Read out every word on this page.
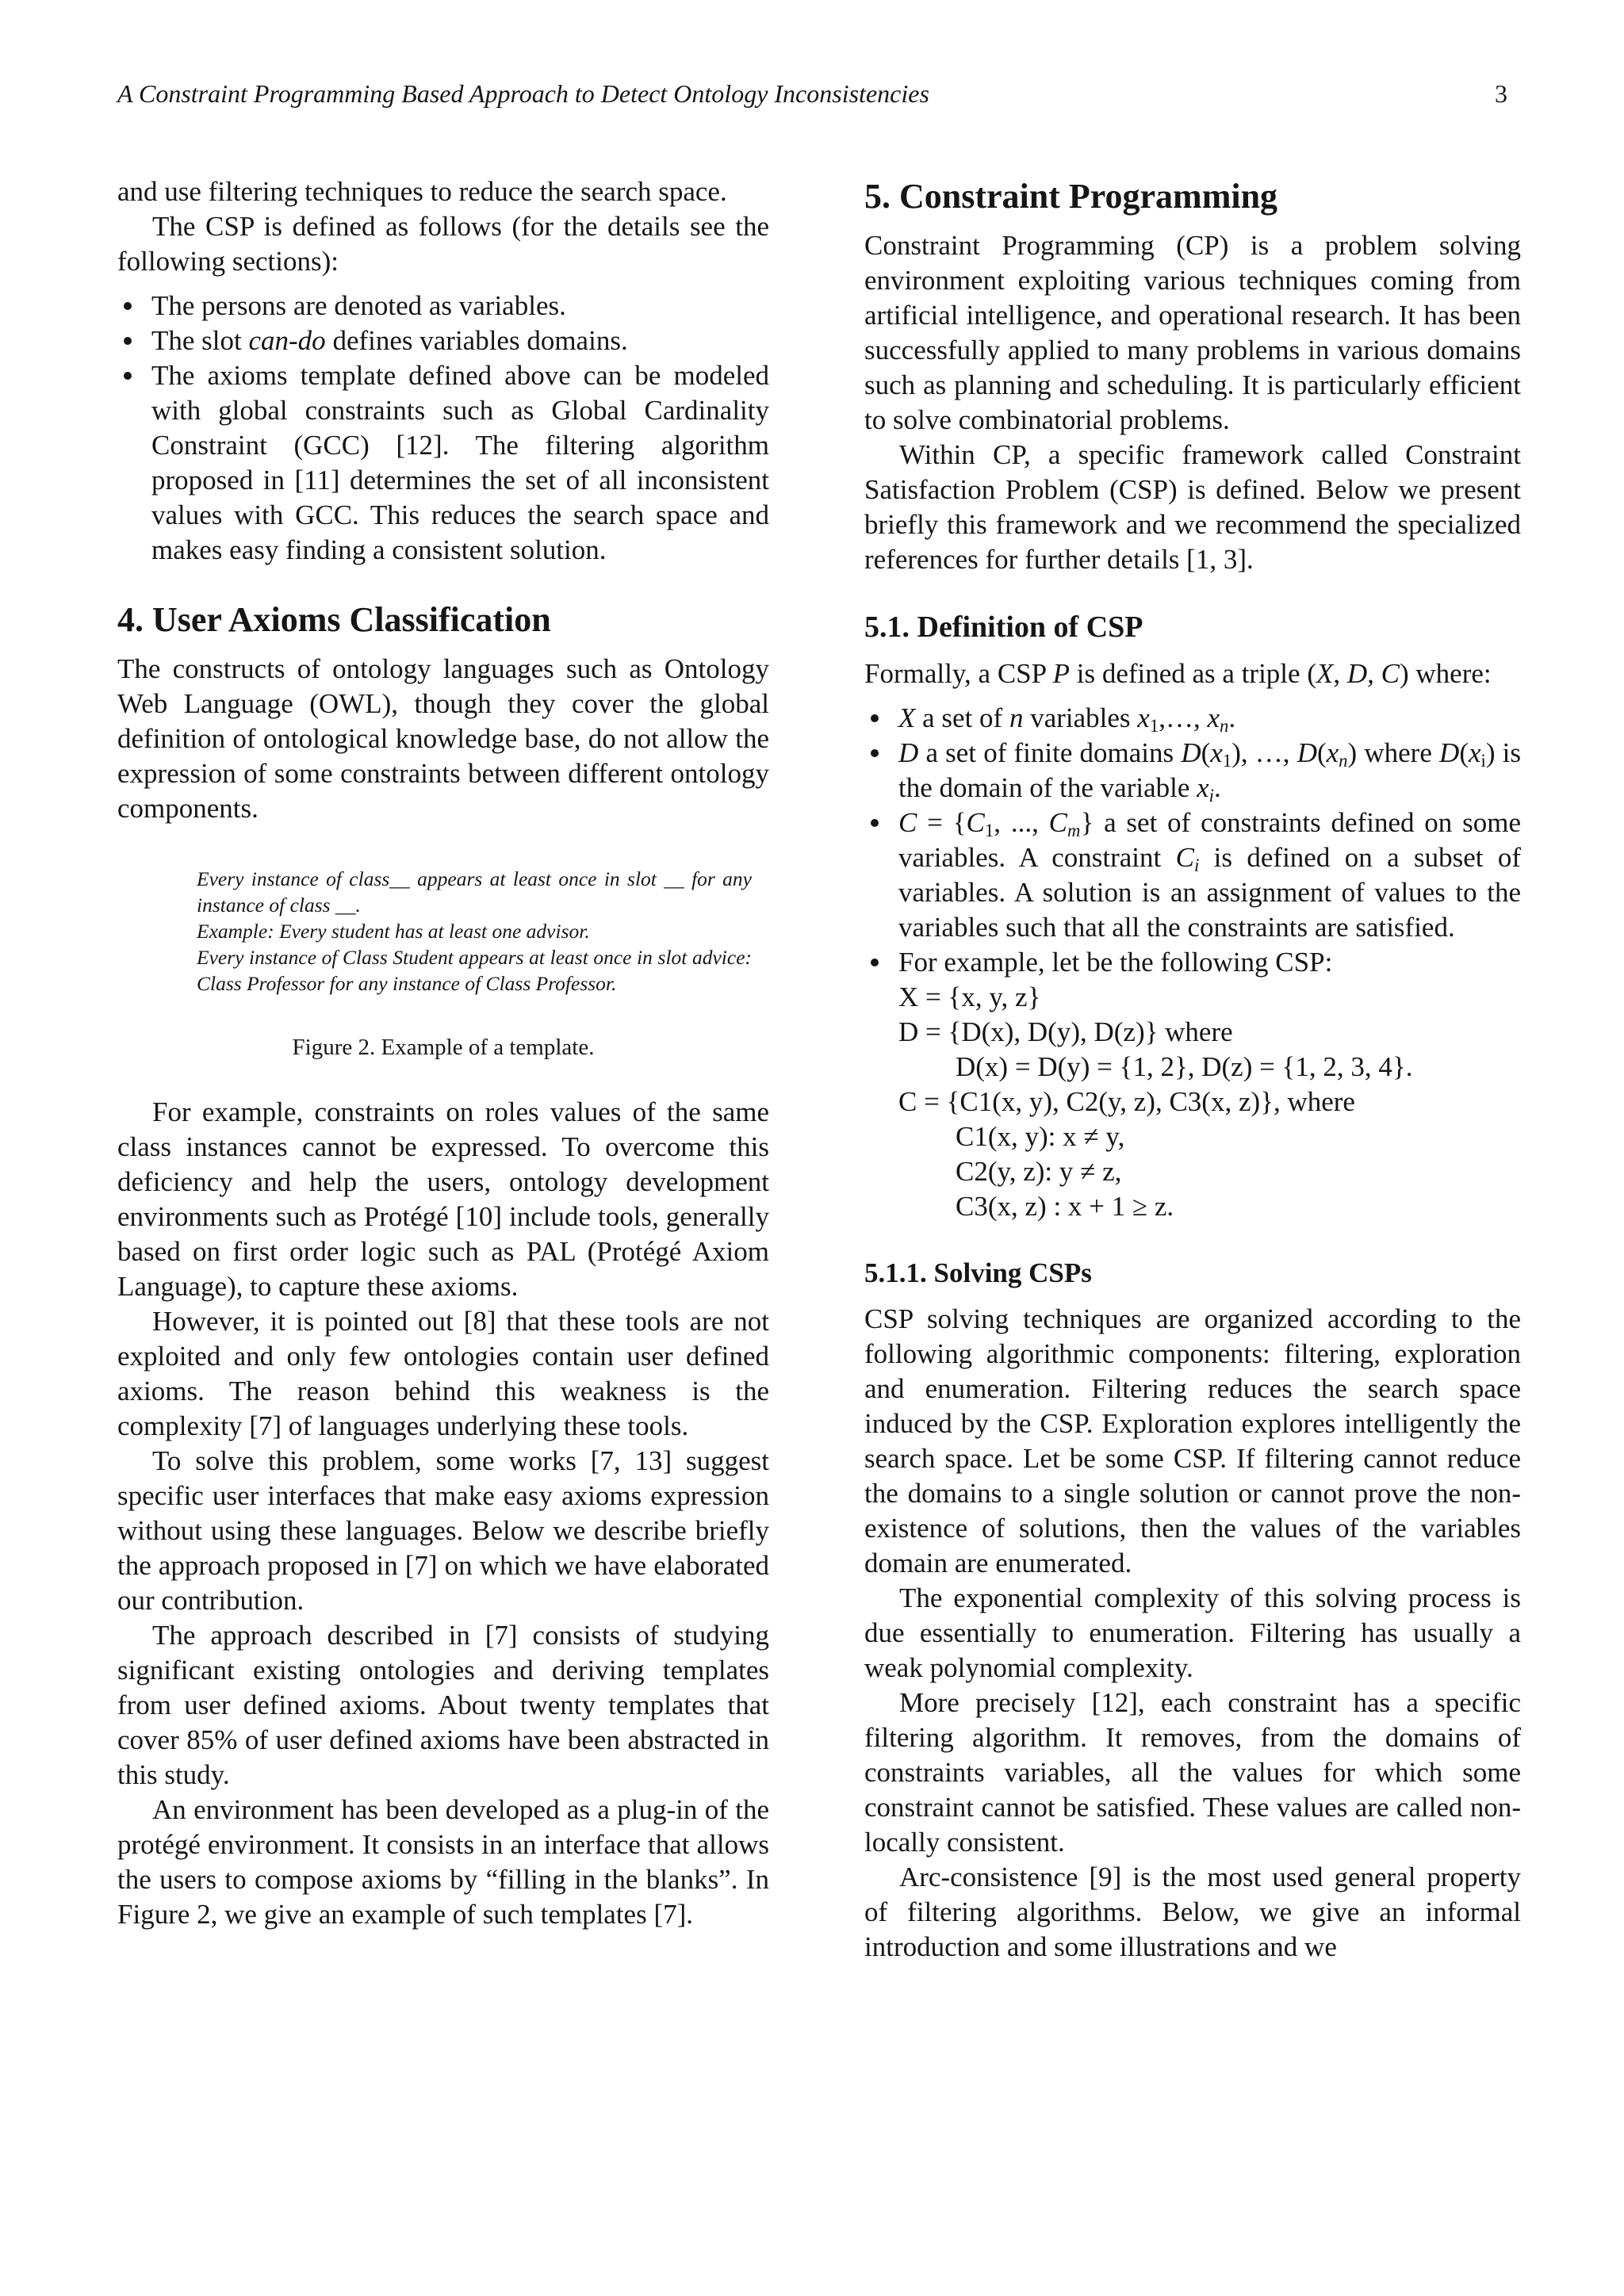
A Constraint Programming Based Approach to Detect Ontology Inconsistencies	3

and use filtering techniques to reduce the search space.

The CSP is defined as follows (for the details see the following sections):

The persons are denoted as variables.
The slot can-do defines variables domains.
The axioms template defined above can be modeled with global constraints such as Global Cardinality Constraint (GCC) [12]. The filtering algorithm proposed in [11] determines the set of all inconsistent values with GCC. This reduces the search space and makes easy finding a consistent solution.
4. User Axioms Classification

The constructs of ontology languages such as Ontology Web Language (OWL), though they cover the global definition of ontological knowledge base, do not allow the expression of some constraints between different ontology components.

Every instance of class__ appears at least once in slot __ for any instance of class __.
Example: Every student has at least one advisor.
Every instance of Class Student appears at least once in slot advice: Class Professor for any instance of Class Professor.
Figure 2. Example of a template.

For example, constraints on roles values of the same class instances cannot be expressed. To overcome this deficiency and help the users, ontology development environments such as Protégé [10] include tools, generally based on first order logic such as PAL (Protégé Axiom Language), to capture these axioms.

However, it is pointed out [8] that these tools are not exploited and only few ontologies contain user defined axioms. The reason behind this weakness is the complexity [7] of languages underlying these tools.

To solve this problem, some works [7, 13] suggest specific user interfaces that make easy axioms expression without using these languages. Below we describe briefly the approach proposed in [7] on which we have elaborated our contribution.

The approach described in [7] consists of studying significant existing ontologies and deriving templates from user defined axioms. About twenty templates that cover 85% of user defined axioms have been abstracted in this study.

An environment has been developed as a plug-in of the protégé environment. It consists in an interface that allows the users to compose axioms by “filling in the blanks”. In Figure 2, we give an example of such templates [7].

5. Constraint Programming

Constraint Programming (CP) is a problem solving environment exploiting various techniques coming from artificial intelligence, and operational research. It has been successfully applied to many problems in various domains such as planning and scheduling. It is particularly efficient to solve combinatorial problems.

Within CP, a specific framework called Constraint Satisfaction Problem (CSP) is defined. Below we present briefly this framework and we recommend the specialized references for further details [1, 3].

5.1. Definition of CSP

Formally, a CSP P is defined as a triple (X, D, C) where:

X a set of n variables $x_1,\dots$, $x_n$.
D a set of finite domains $D(x_1)$, …, $D(x_n)$ where $D(x_i)$ is the domain of the variable $x_i$.
$C = \{C_1$, ..., $C_m$} a set of constraints defined on some variables. A constraint $C_i$ is defined on a subset of variables. A solution is an assignment of values to the variables such that all the constraints are satisfied.
For example, let be the following CSP:
X = {x, y, z}
D = {D(x), D(y), D(z)} where
D(x) = D(y) = {1, 2}, D(z) = {1, 2, 3, 4}.
C = {C1(x, y), C2(y, z), C3(x, z)}, where
C1(x, y): x ≠ y,
C2(y, z): y ≠ z,
C3(x, z) : x + 1 ≥ z.
5.1.1. Solving CSPs

CSP solving techniques are organized according to the following algorithmic components: filtering, exploration and enumeration. Filtering reduces the search space induced by the CSP. Exploration explores intelligently the search space. Let be some CSP. If filtering cannot reduce the domains to a single solution or cannot prove the non-existence of solutions, then the values of the variables domain are enumerated.

The exponential complexity of this solving process is due essentially to enumeration. Filtering has usually a weak polynomial complexity.

More precisely [12], each constraint has a specific filtering algorithm. It removes, from the domains of constraints variables, all the values for which some constraint cannot be satisfied. These values are called non-locally consistent.

Arc-consistence [9] is the most used general property of filtering algorithms. Below, we give an informal introduction and some illustrations and we
